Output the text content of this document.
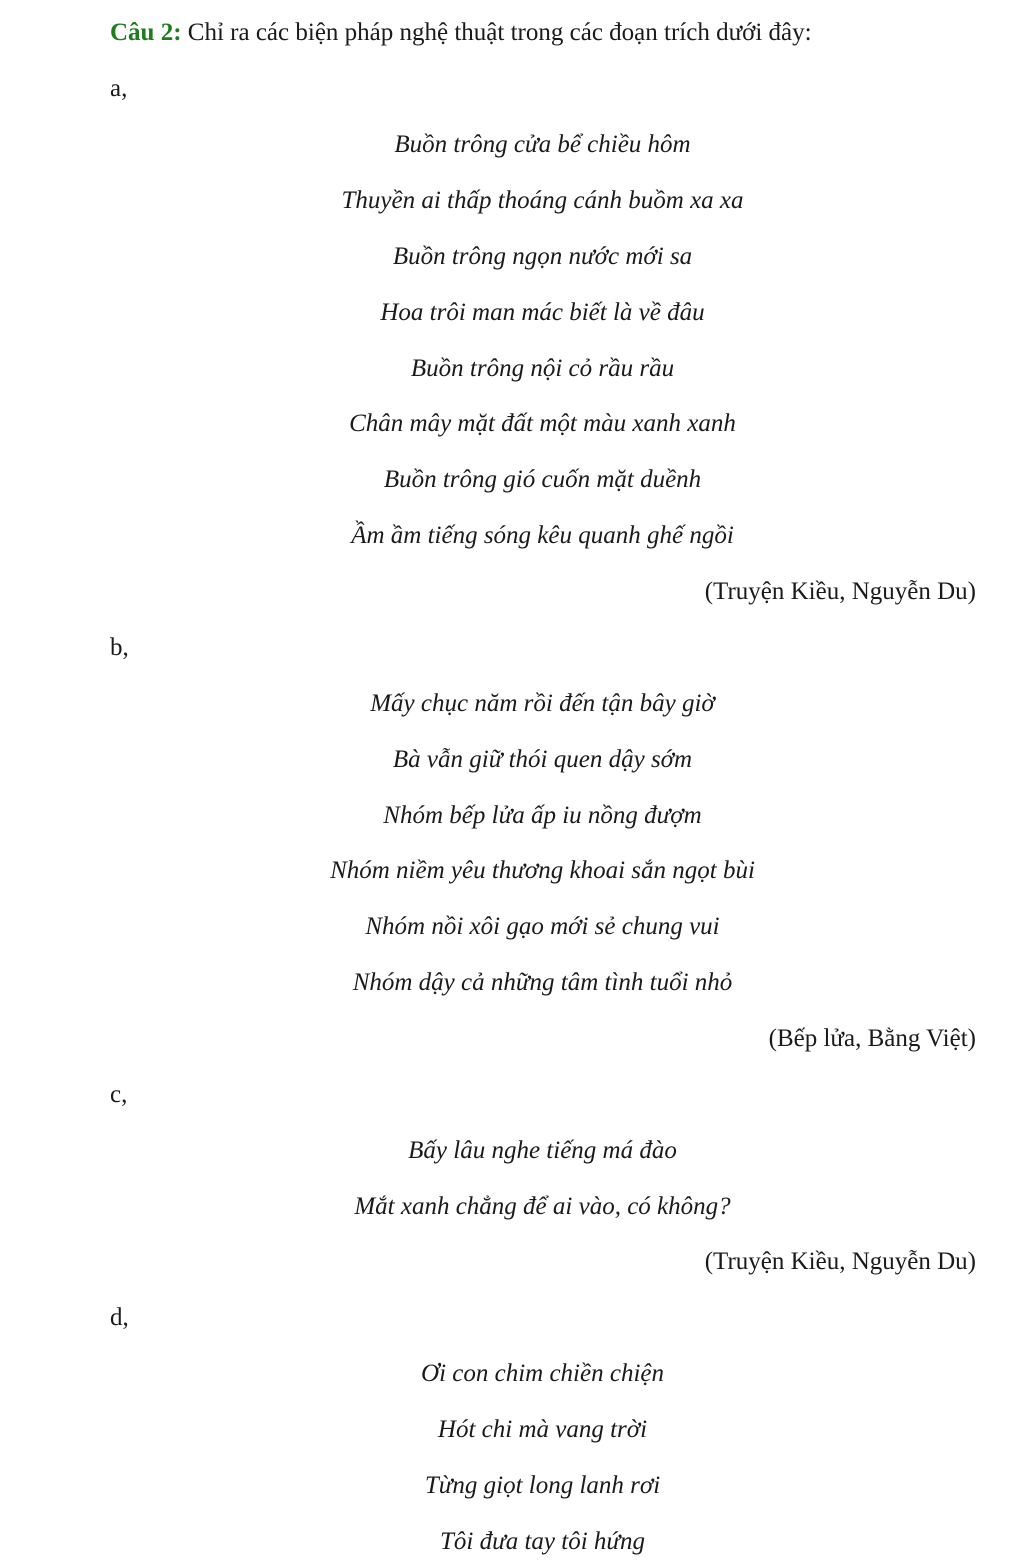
Câu 2: Chỉ ra các biện pháp nghệ thuật trong các đoạn trích dưới đây:
a,
Buồn trông cửa bể chiều hôm
Thuyền ai thấp thoáng cánh buồm xa xa
Buồn trông ngọn nước mới sa
Hoa trôi man mác biết là về đâu
Buồn trông nội cỏ rầu rầu
Chân mây mặt đất một màu xanh xanh
Buồn trông gió cuốn mặt duềnh
Ầm ầm tiếng sóng kêu quanh ghế ngồi
(Truyện Kiều, Nguyễn Du)
b,
Mấy chục năm rồi đến tận bây giờ
Bà vẫn giữ thói quen dậy sớm
Nhóm bếp lửa ấp iu nồng đượm
Nhóm niềm yêu thương khoai sắn ngọt bùi
Nhóm nồi xôi gạo mới sẻ chung vui
Nhóm dậy cả những tâm tình tuổi nhỏ
(Bếp lửa, Bằng Việt)
c,
Bấy lâu nghe tiếng má đào
Mắt xanh chẳng để ai vào, có không?
(Truyện Kiều, Nguyễn Du)
d,
Ơi con chim chiền chiện
Hót chi mà vang trời
Từng giọt long lanh rơi
Tôi đưa tay tôi hứng
